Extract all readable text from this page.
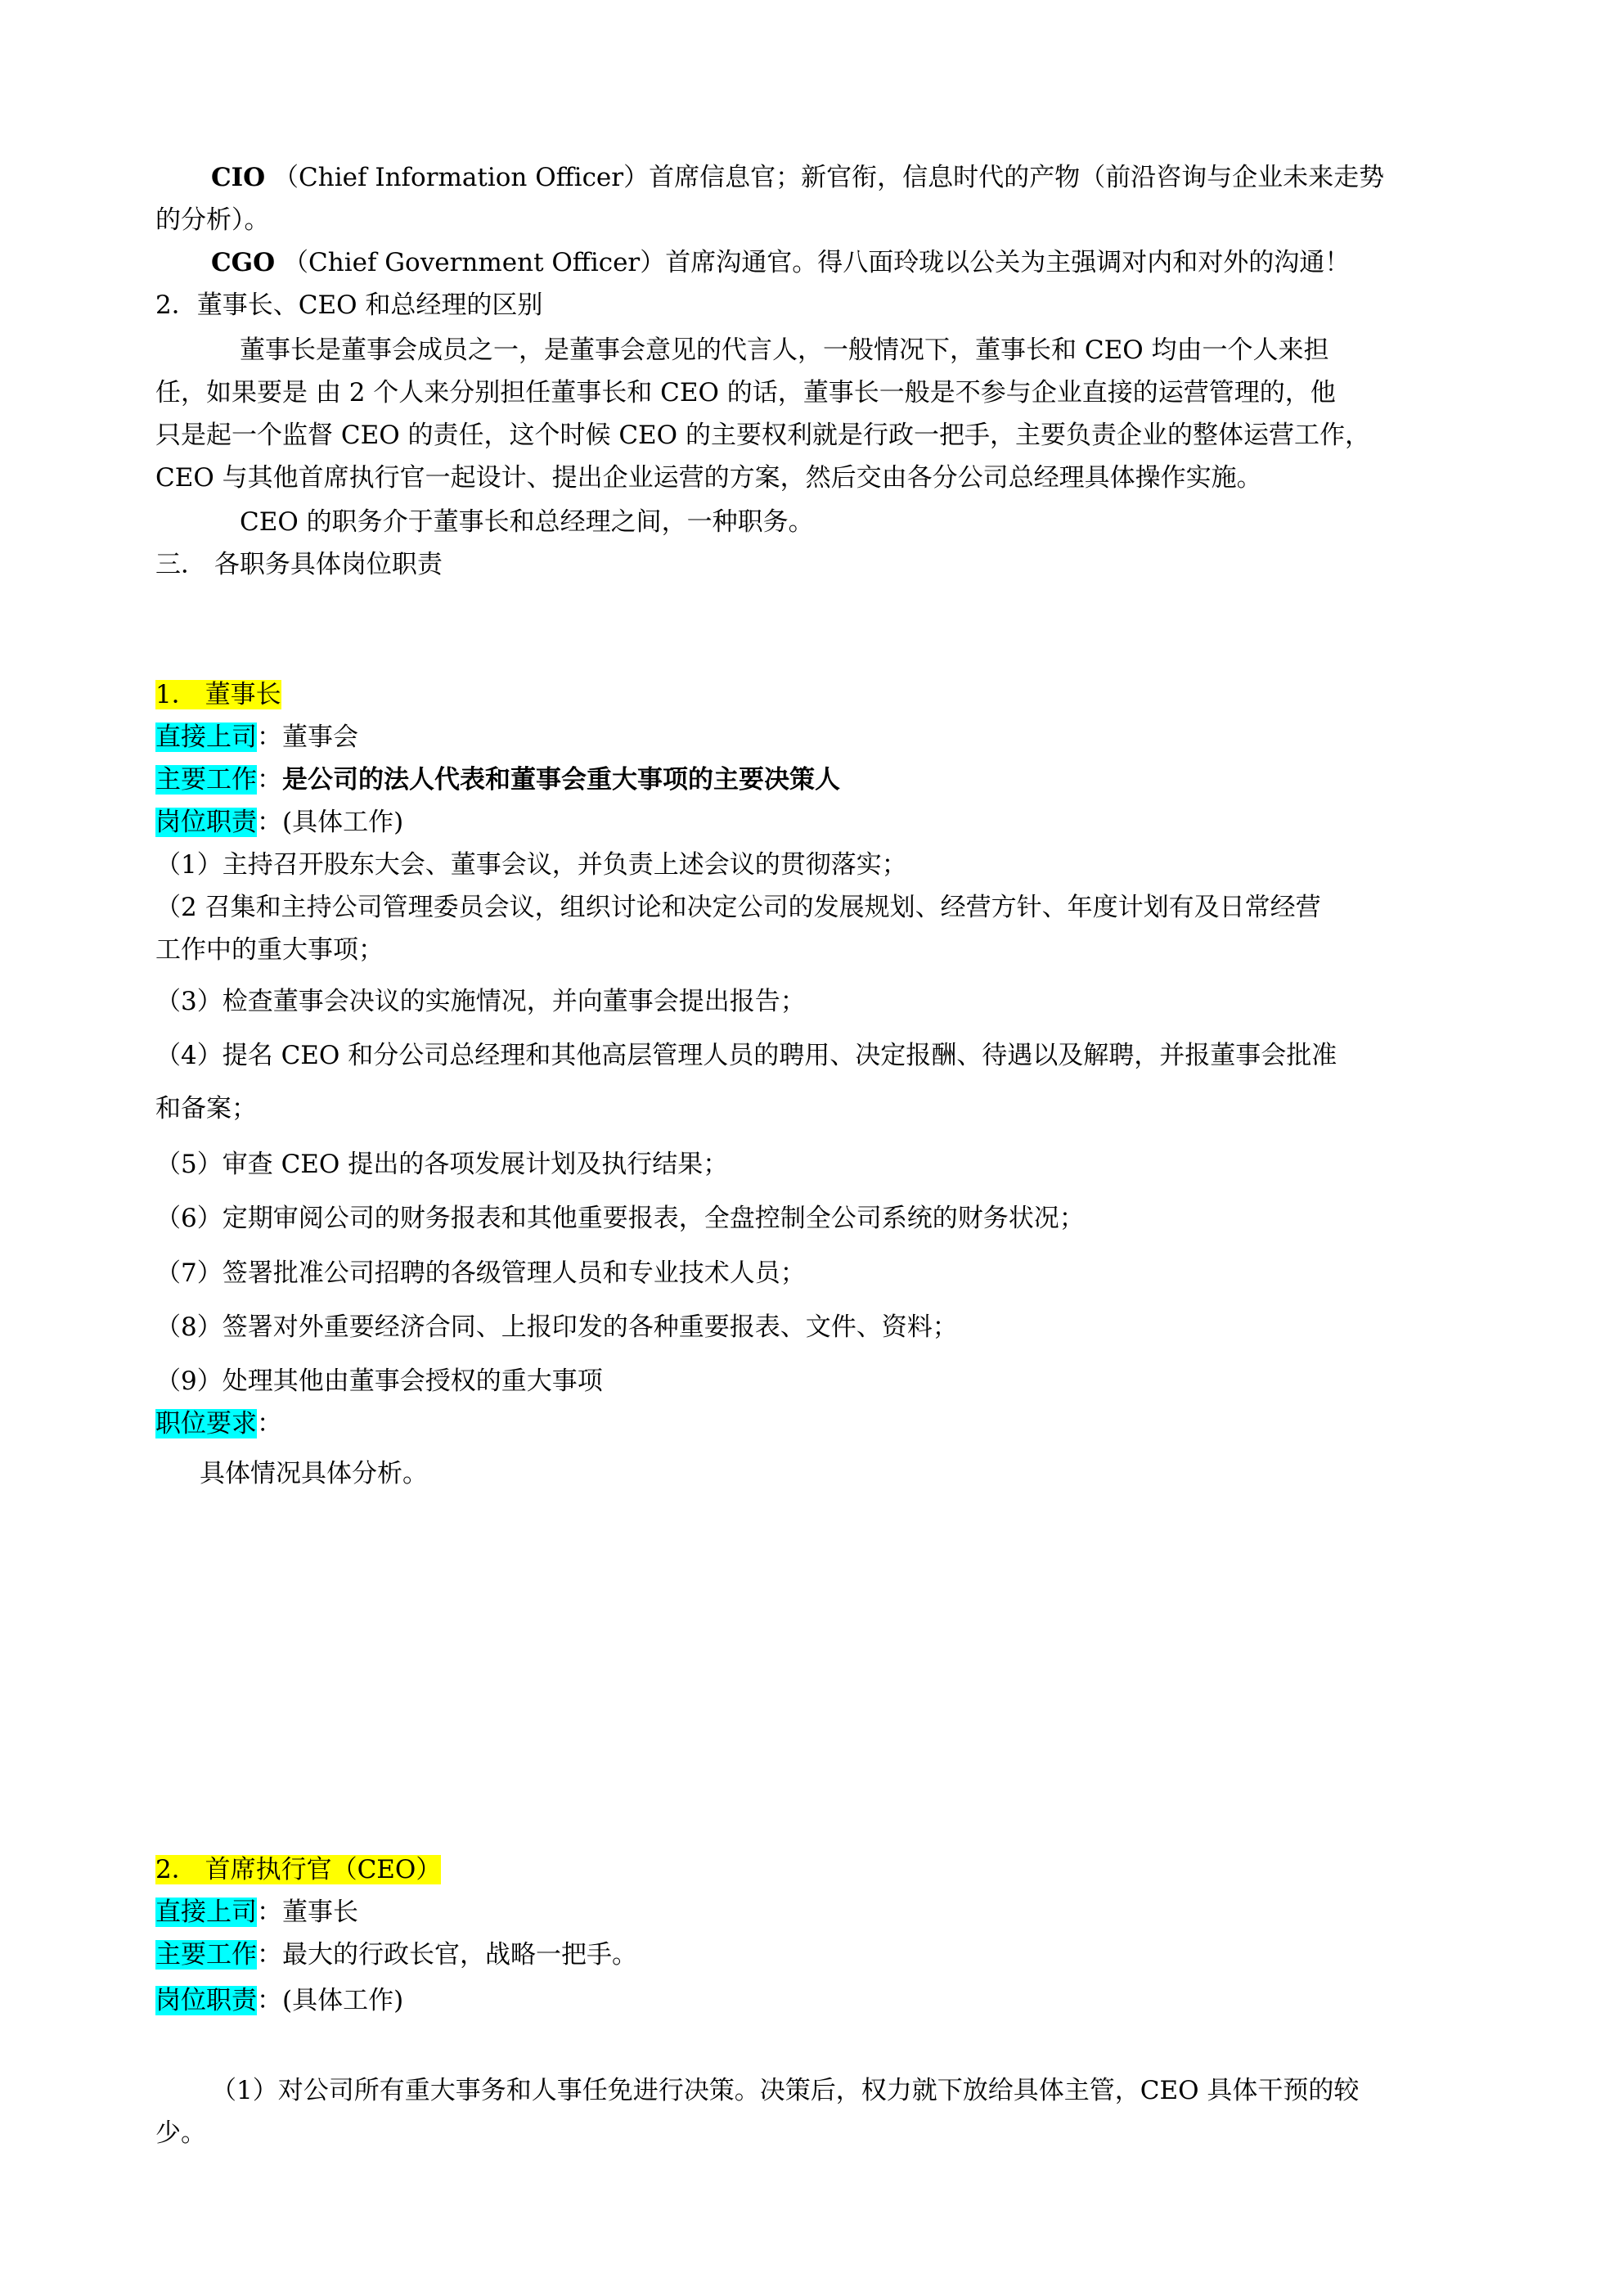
CIO （Chief Information Officer）首席信息官；新官衔，信息时代的产物（前沿咨询与企业未来走势
的分析）。
CGO （Chief Government Officer）首席沟通官。得八面玲珑以公关为主强调对内和对外的沟通！
2．董事长、CEO 和总经理的区别
董事长是董事会成员之一，是董事会意见的代言人，一般情况下，董事长和 CEO 均由一个人来担
任，如果要是 由 2 个人来分别担任董事长和 CEO 的话，董事长一般是不参与企业直接的运营管理的，他
只是起一个监督 CEO 的责任，这个时候 CEO 的主要权利就是行政一把手，主要负责企业的整体运营工作，
CEO 与其他首席执行官一起设计、提出企业运营的方案，然后交由各分公司总经理具体操作实施。
CEO 的职务介于董事长和总经理之间，一种职务。
三． 各职务具体岗位职责
1． 董事长
直接上司：董事会
主要工作：是公司的法人代表和董事会重大事项的主要决策人
岗位职责：(具体工作)
（1）主持召开股东大会、董事会议，并负责上述会议的贯彻落实；
（2 召集和主持公司管理委员会议，组织讨论和决定公司的发展规划、经营方针、年度计划有及日常经营
工作中的重大事项；
（3）检查董事会决议的实施情况，并向董事会提出报告；
（4）提名 CEO 和分公司总经理和其他高层管理人员的聘用、决定报酬、待遇以及解聘，并报董事会批准
和备案；
（5）审查 CEO 提出的各项发展计划及执行结果；
（6）定期审阅公司的财务报表和其他重要报表，全盘控制全公司系统的财务状况；
（7）签署批准公司招聘的各级管理人员和专业技术人员；
（8）签署对外重要经济合同、上报印发的各种重要报表、文件、资料；
（9）处理其他由董事会授权的重大事项
职位要求：
具体情况具体分析。
2． 首席执行官（CEO）
直接上司：董事长
主要工作：最大的行政长官，战略一把手。
岗位职责：(具体工作)
（1）对公司所有重大事务和人事任免进行决策。决策后，权力就下放给具体主管，CEO 具体干预的较
少。
